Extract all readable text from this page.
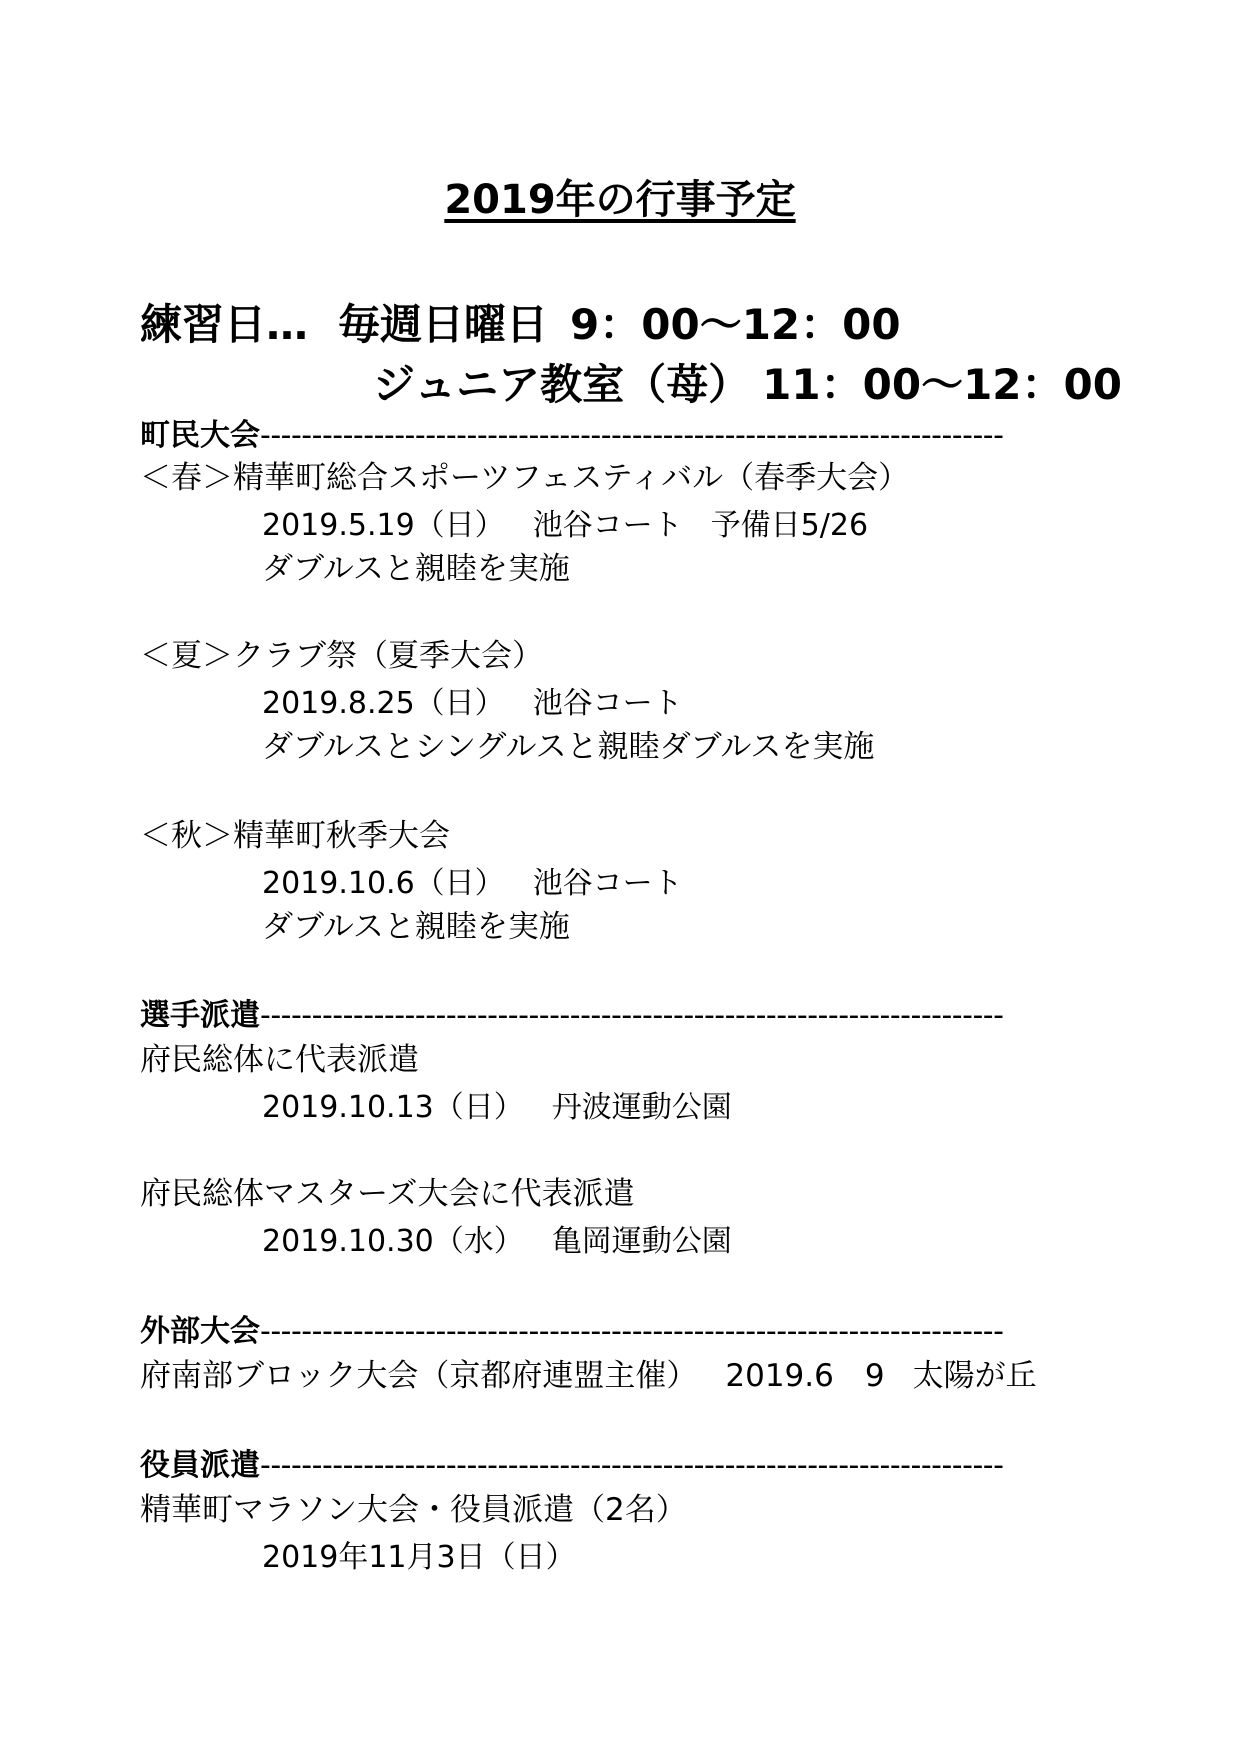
2019年の行事予定
練習日… 毎週日曜日 9：00～12：00
ジュニア教室（苺） 11：00～12：00
町民大会------------------------------------------------------------------------
＜春＞精華町総合スポーツフェスティバル（春季大会）
2019.5.19（日） 池谷コート 予備日5/26
ダブルスと親睦を実施
＜夏＞クラブ祭（夏季大会）
2019.8.25（日） 池谷コート
ダブルスとシングルスと親睦ダブルスを実施
＜秋＞精華町秋季大会
2019.10.6（日） 池谷コート
ダブルスと親睦を実施
選手派遣------------------------------------------------------------------------
府民総体に代表派遣
2019.10.13（日） 丹波運動公園
府民総体マスターズ大会に代表派遣
2019.10.30（水） 亀岡運動公園
外部大会------------------------------------------------------------------------
府南部ブロック大会（京都府連盟主催） 2019.6　9 太陽が丘
役員派遣------------------------------------------------------------------------
精華町マラソン大会・役員派遣（2名）
2019年11月3日（日）
